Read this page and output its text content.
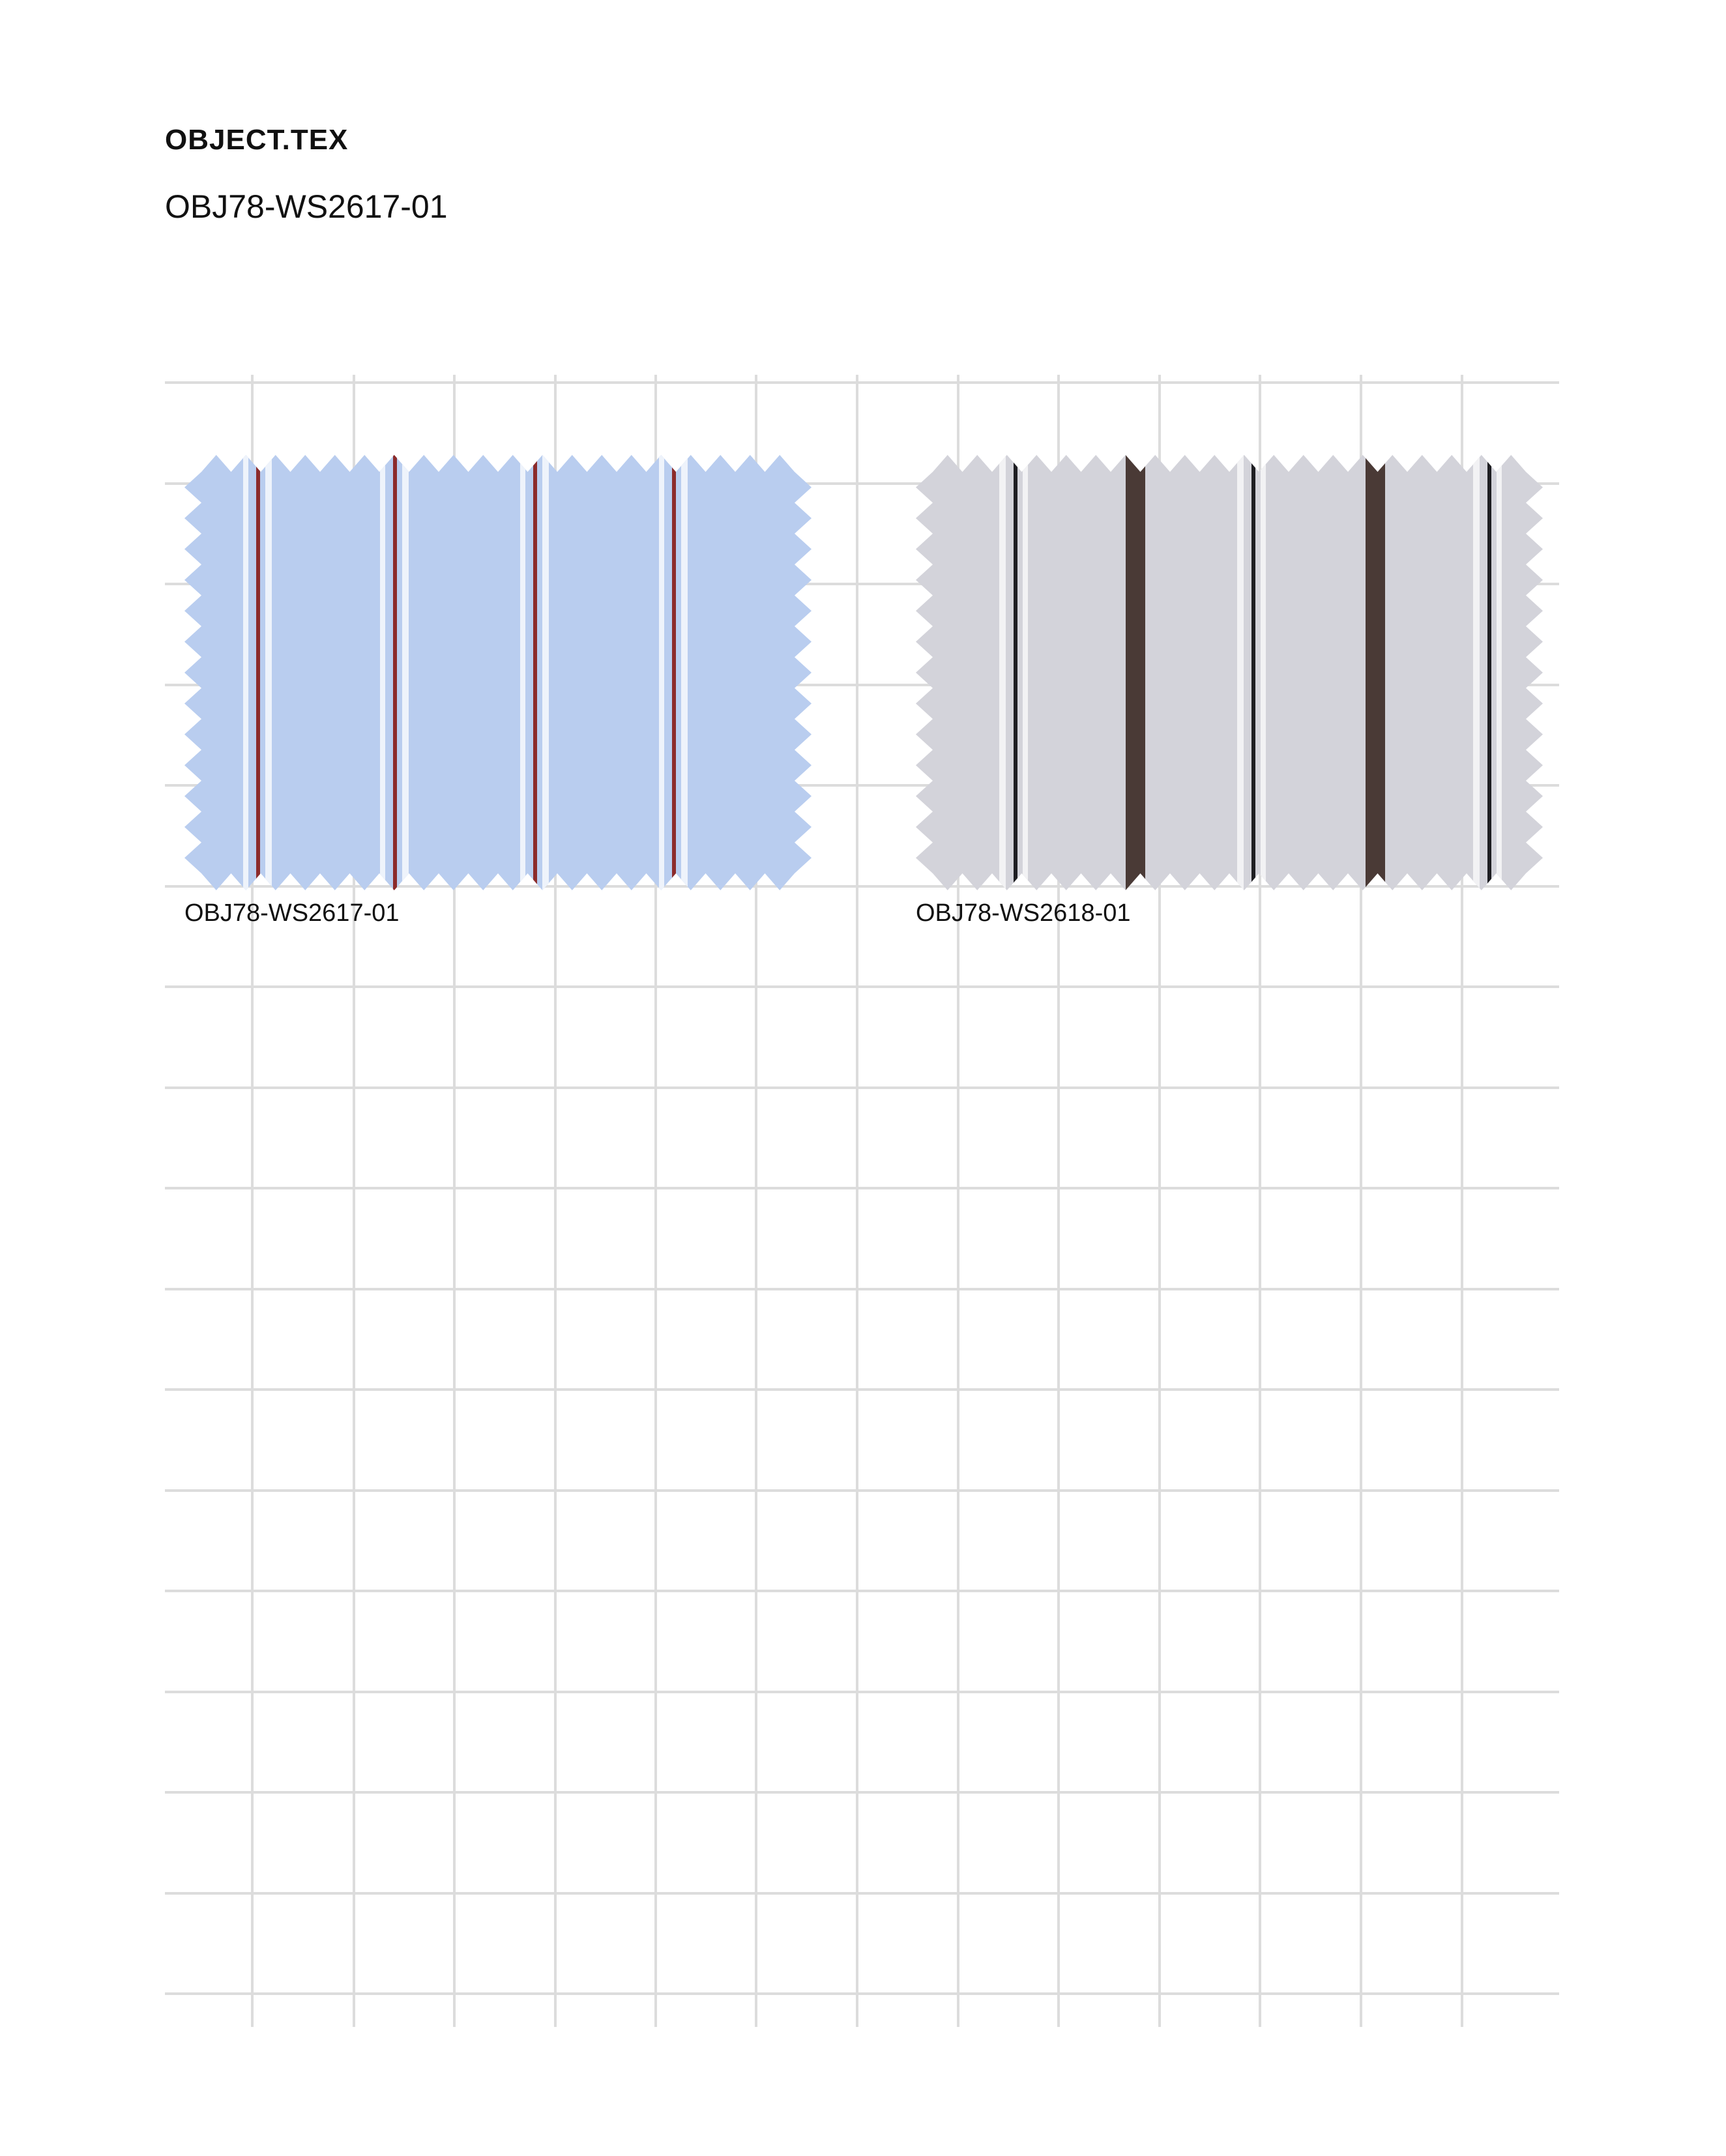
OBJECT.TEX
OBJ78-WS2617-01
OBJ78-WS2617-01	OBJ78-WS2618-01
